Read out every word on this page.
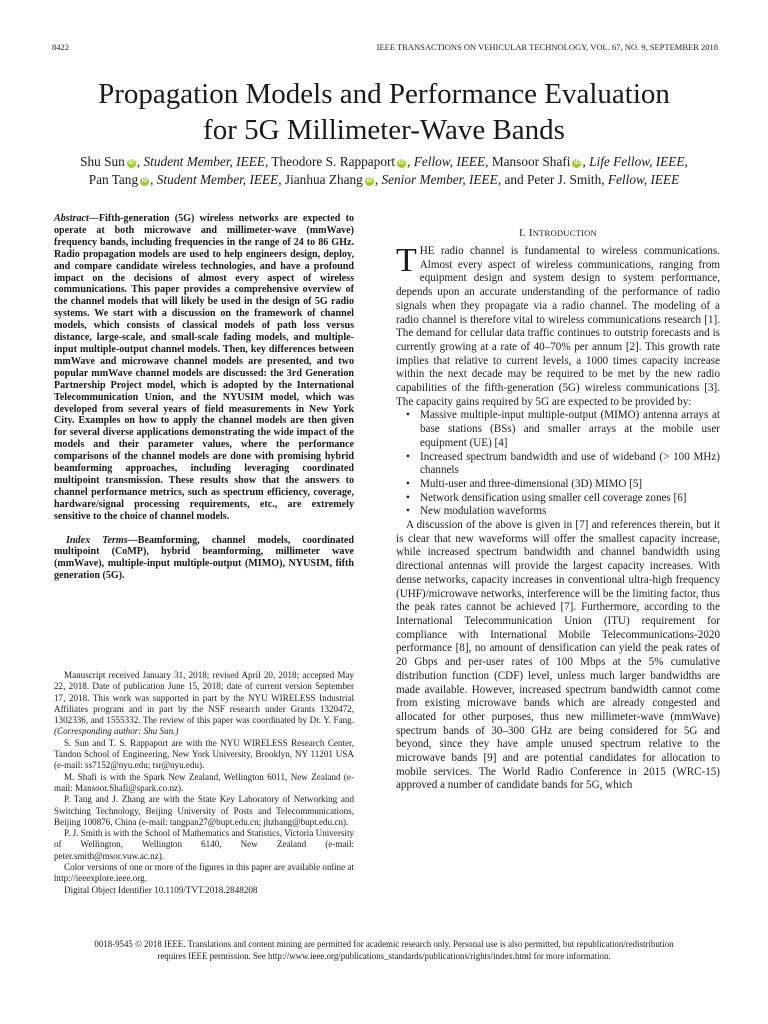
8422	IEEE TRANSACTIONS ON VEHICULAR TECHNOLOGY, VOL. 67, NO. 9, SEPTEMBER 2018
Propagation Models and Performance Evaluation
for 5G Millimeter-Wave Bands
Shu Sun iD , Student Member, IEEE, Theodore S. Rappaport iD , Fellow, IEEE, Mansoor Shafi iD , Life Fellow, IEEE,
Pan Tang iD , Student Member, IEEE, Jianhua Zhang iD , Senior Member, IEEE, and Peter J. Smith, Fellow, IEEE

Abstract—Fifth-generation (5G) wireless networks are expected to operate at both microwave and millimeter-wave (mmWave) frequency bands, including frequencies in the range of 24 to 86 GHz. Radio propagation models are used to help engineers design, deploy, and compare candidate wireless technologies, and have a profound impact on the decisions of almost every aspect of wireless communications. This paper provides a comprehensive overview of the channel models that will likely be used in the design of 5G radio systems. We start with a discussion on the framework of channel models, which consists of classical models of path loss versus distance, large-scale, and small-scale fading models, and multiple-input multiple-output channel models. Then, key differences between mmWave and microwave channel models are presented, and two popular mmWave channel models are discussed: the 3rd Generation Partnership Project model, which is adopted by the International Telecommunication Union, and the NYUSIM model, which was developed from several years of field measurements in New York City. Examples on how to apply the channel models are then given for several diverse applications demonstrating the wide impact of the models and their parameter values, where the performance comparisons of the channel models are done with promising hybrid beamforming approaches, including leveraging coordinated multipoint transmission. These results show that the answers to channel performance metrics, such as spectrum efficiency, coverage, hardware/signal processing requirements, etc., are extremely sensitive to the choice of channel models.

Index Terms—Beamforming, channel models, coordinated multipoint (CoMP), hybrid beamforming, millimeter wave (mmWave), multiple-input multiple-output (MIMO), NYUSIM, fifth generation (5G).

Manuscript received January 31, 2018; revised April 20, 2018; accepted May 22, 2018. Date of publication June 15, 2018; date of current version September 17, 2018. This work was supported in part by the NYU WIRELESS Industrial Affiliates program and in part by the NSF research under Grants 1320472, 1302336, and 1555332. The review of this paper was coordinated by Dr. Y. Fang. (Corresponding author: Shu Sun.)

S. Sun and T. S. Rappaport are with the NYU WIRELESS Research Center, Tandon School of Engineering, New York University, Brooklyn, NY 11201 USA (e-mail: ss7152@nyu.edu; tsr@nyu.edu).

M. Shafi is with the Spark New Zealand, Wellington 6011, New Zealand (e-mail: Mansoor.Shafi@spark.co.nz).

P. Tang and J. Zhang are with the State Key Laboratory of Networking and Switching Technology, Beijing University of Posts and Telecommunications, Beijing 100876, China (e-mail: tangpan27@bupt.edu.cn; jhzhang@bupt.edu.cn).

P. J. Smith is with the School of Mathematics and Statistics, Victoria University of Wellington, Wellington 6140, New Zealand (e-mail: peter.smith@msor.vuw.ac.nz).

Color versions of one or more of the figures in this paper are available online at http://ieeexplore.ieee.org.

Digital Object Identifier 10.1109/TVT.2018.2848208

I. INTRODUCTION

THE radio channel is fundamental to wireless communications. Almost every aspect of wireless communications, ranging from equipment design and system design to system performance, depends upon an accurate understanding of the performance of radio signals when they propagate via a radio channel. The modeling of a radio channel is therefore vital to wireless communications research [1]. The demand for cellular data traffic continues to outstrip forecasts and is currently growing at a rate of 40–70% per annum [2]. This growth rate implies that relative to current levels, a 1000 times capacity increase within the next decade may be required to be met by the new radio capabilities of the fifth-generation (5G) wireless communications [3]. The capacity gains required by 5G are expected to be provided by:

• Massive multiple-input multiple-output (MIMO) antenna arrays at base stations (BSs) and smaller arrays at the mobile user equipment (UE) [4]
• Increased spectrum bandwidth and use of wideband (> 100 MHz) channels
• Multi-user and three-dimensional (3D) MIMO [5]
• Network densification using smaller cell coverage zones [6]
• New modulation waveforms

A discussion of the above is given in [7] and references therein, but it is clear that new waveforms will offer the smallest capacity increase, while increased spectrum bandwidth and channel bandwidth using directional antennas will provide the largest capacity increases. With dense networks, capacity increases in conventional ultra-high frequency (UHF)/microwave networks, interference will be the limiting factor, thus the peak rates cannot be achieved [7]. Furthermore, according to the International Telecommunication Union (ITU) requirement for compliance with International Mobile Telecommunications-2020 performance [8], no amount of densification can yield the peak rates of 20 Gbps and per-user rates of 100 Mbps at the 5% cumulative distribution function (CDF) level, unless much larger bandwidths are made available. However, increased spectrum bandwidth cannot come from existing microwave bands which are already congested and allocated for other purposes, thus new millimeter-wave (mmWave) spectrum bands of 30–300 GHz are being considered for 5G and beyond, since they have ample unused spectrum relative to the microwave bands [9] and are potential candidates for allocation to mobile services. The World Radio Conference in 2015 (WRC-15) approved a number of candidate bands for 5G, which

0018-9545 © 2018 IEEE. Translations and content mining are permitted for academic research only. Personal use is also permitted, but republication/redistribution
requires IEEE permission. See http://www.ieee.org/publications_standards/publications/rights/index.html for more information.
